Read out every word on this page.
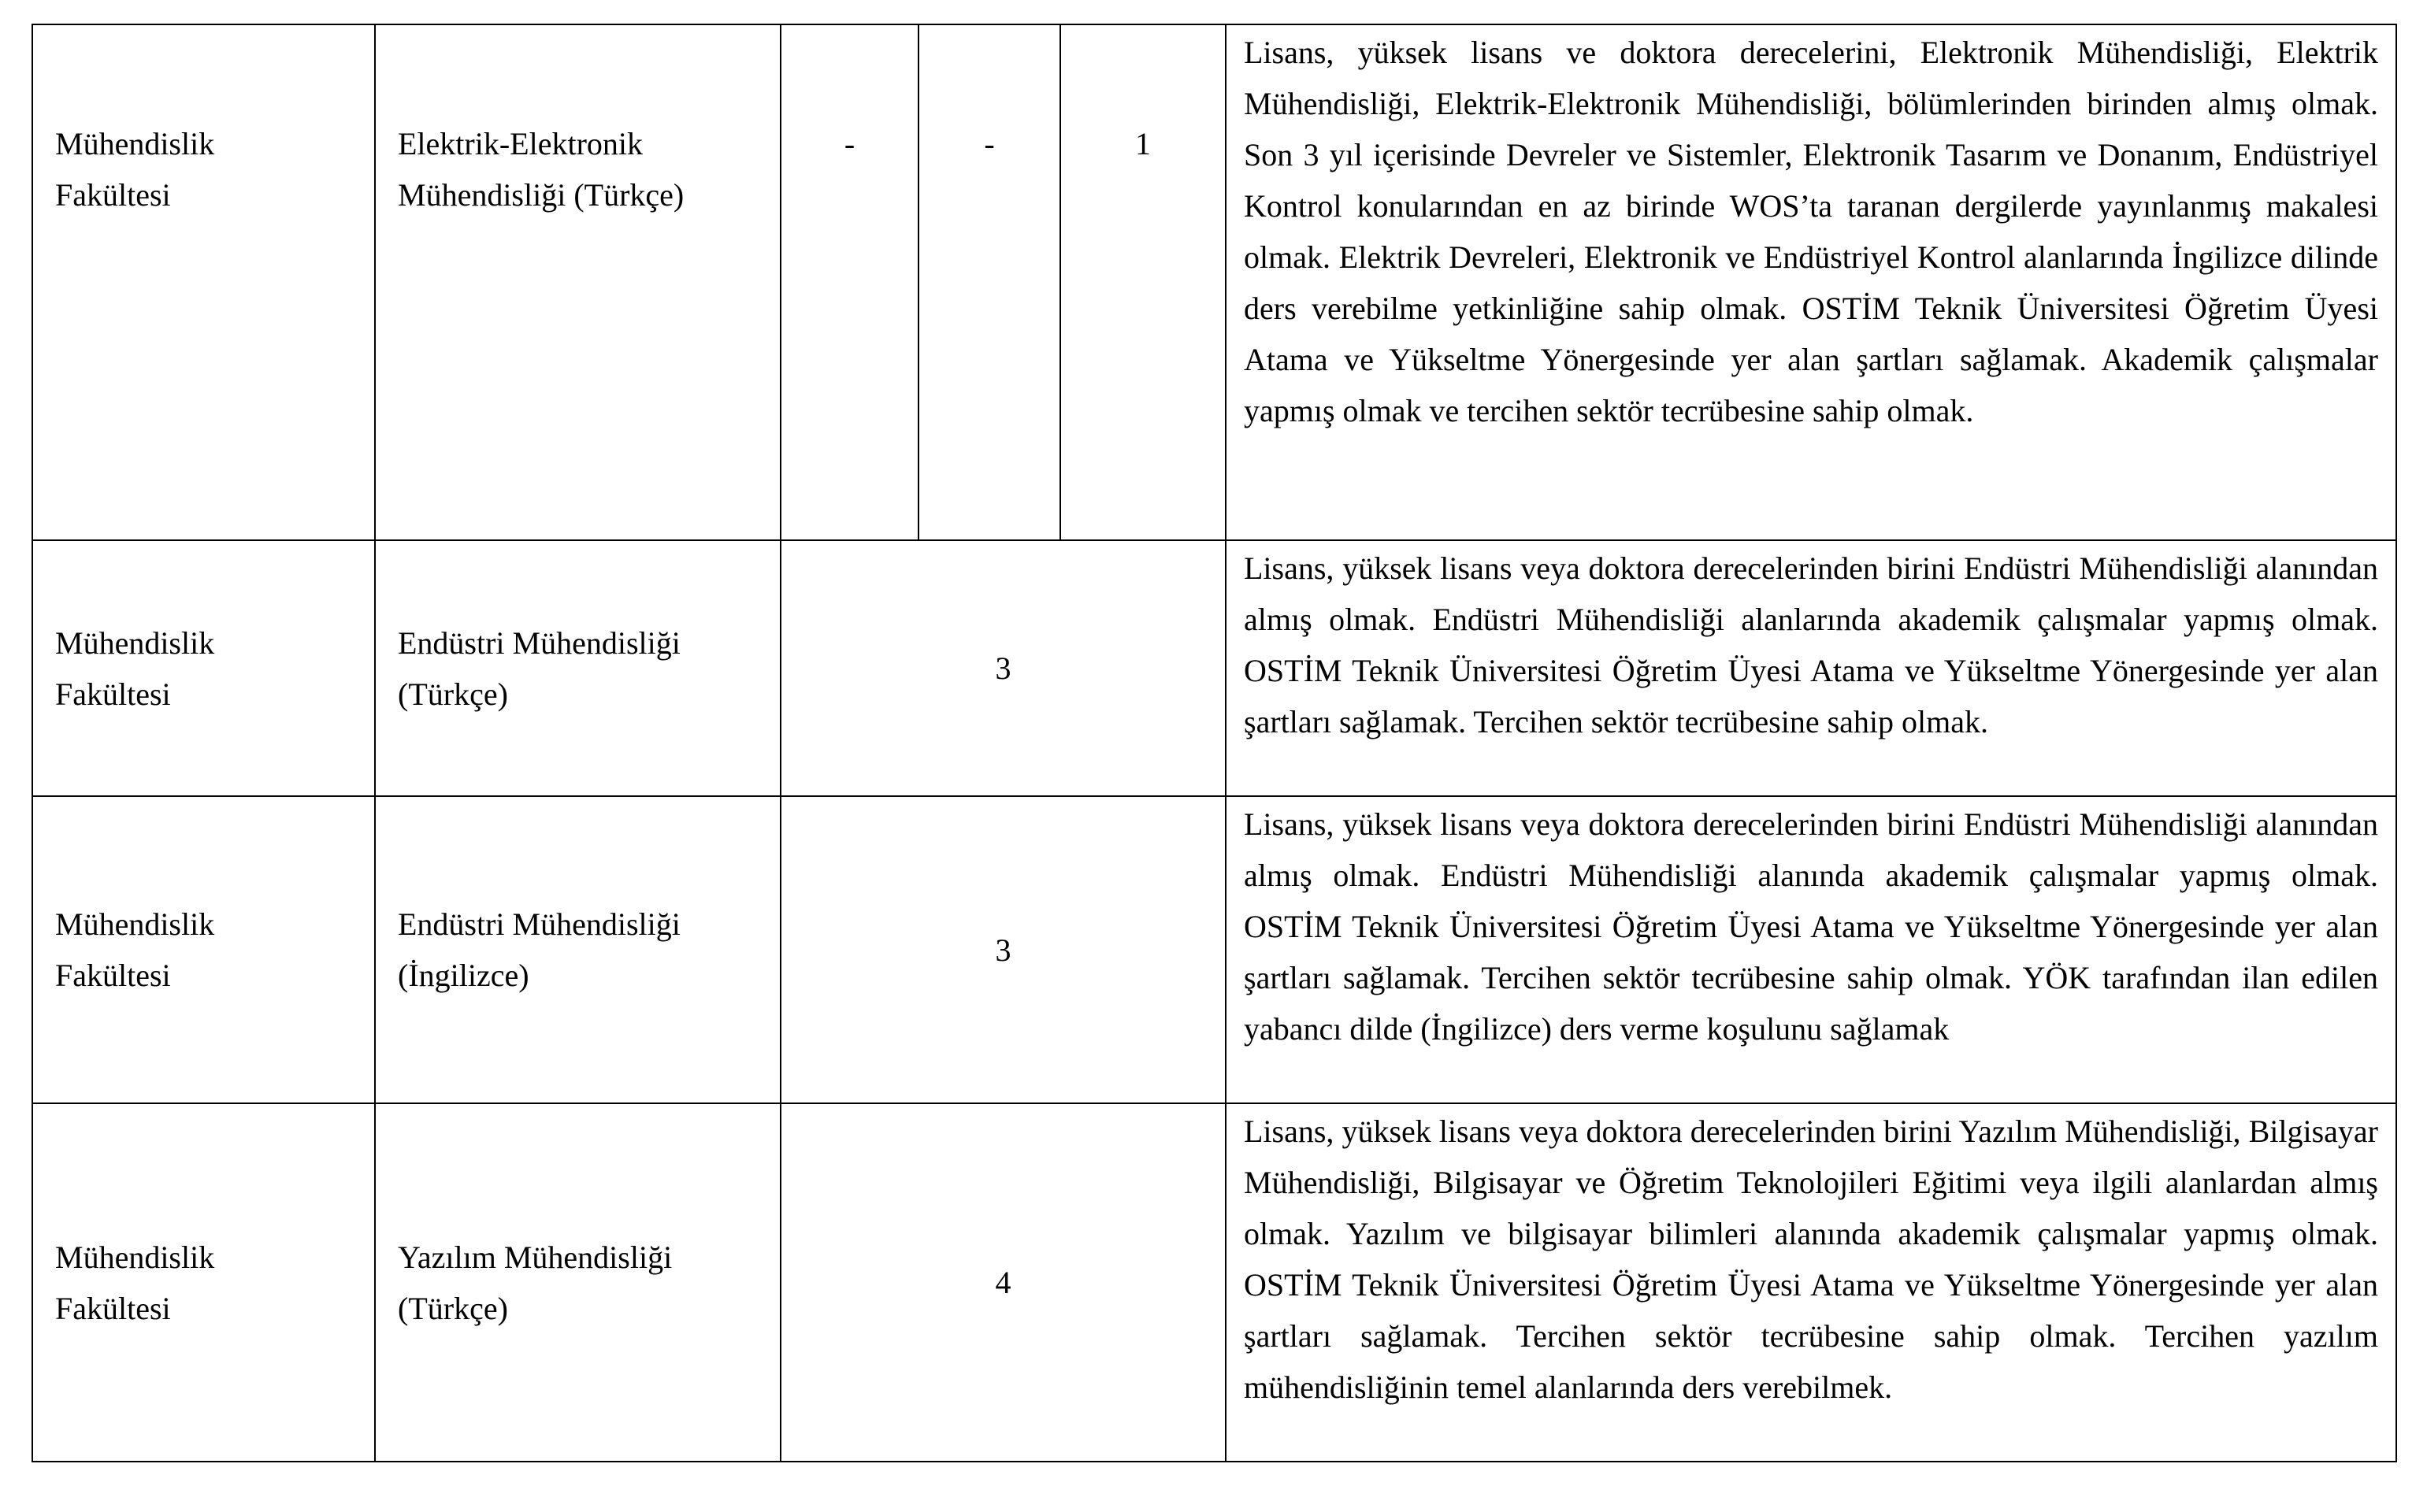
Mühendislik Fakültesi	Elektrik-Elektronik Mühendisliği (Türkçe)	-	-	1	Lisans, yüksek lisans ve doktora derecelerini, Elektronik Mühendisliği, Elektrik Mühendisliği, Elektrik-Elektronik Mühendisliği, bölümlerinden birinden almış olmak. Son 3 yıl içerisinde Devreler ve Sistemler, Elektronik Tasarım ve Donanım, Endüstriyel Kontrol konularından en az birinde WOS’ta taranan dergilerde yayınlanmış makalesi olmak. Elektrik Devreleri, Elektronik ve Endüstriyel Kontrol alanlarında İngilizce dilinde ders verebilme yetkinliğine sahip olmak. OSTİM Teknik Üniversitesi Öğretim Üyesi Atama ve Yükseltme Yönergesinde yer alan şartları sağlamak. Akademik çalışmalar yapmış olmak ve tercihen sektör tecrübesine sahip olmak.

Mühendislik Fakültesi	Endüstri Mühendisliği (Türkçe)	3			Lisans, yüksek lisans veya doktora derecelerinden birini Endüstri Mühendisliği alanından almış olmak. Endüstri Mühendisliği alanlarında akademik çalışmalar yapmış olmak. OSTİM Teknik Üniversitesi Öğretim Üyesi Atama ve Yükseltme Yönergesinde yer alan şartları sağlamak. Tercihen sektör tecrübesine sahip olmak.

Mühendislik Fakültesi	Endüstri Mühendisliği (İngilizce)	3			Lisans, yüksek lisans veya doktora derecelerinden birini Endüstri Mühendisliği alanından almış olmak. Endüstri Mühendisliği alanında akademik çalışmalar yapmış olmak. OSTİM Teknik Üniversitesi Öğretim Üyesi Atama ve Yükseltme Yönergesinde yer alan şartları sağlamak. Tercihen sektör tecrübesine sahip olmak. YÖK tarafından ilan edilen yabancı dilde (İngilizce) ders verme koşulunu sağlamak

Mühendislik Fakültesi	Yazılım Mühendisliği (Türkçe)	4			Lisans, yüksek lisans veya doktora derecelerinden birini Yazılım Mühendisliği, Bilgisayar Mühendisliği, Bilgisayar ve Öğretim Teknolojileri Eğitimi veya ilgili alanlardan almış olmak. Yazılım ve bilgisayar bilimleri alanında akademik çalışmalar yapmış olmak. OSTİM Teknik Üniversitesi Öğretim Üyesi Atama ve Yükseltme Yönergesinde yer alan şartları sağlamak. Tercihen sektör tecrübesine sahip olmak. Tercihen yazılım mühendisliğinin temel alanlarında ders verebilmek.
